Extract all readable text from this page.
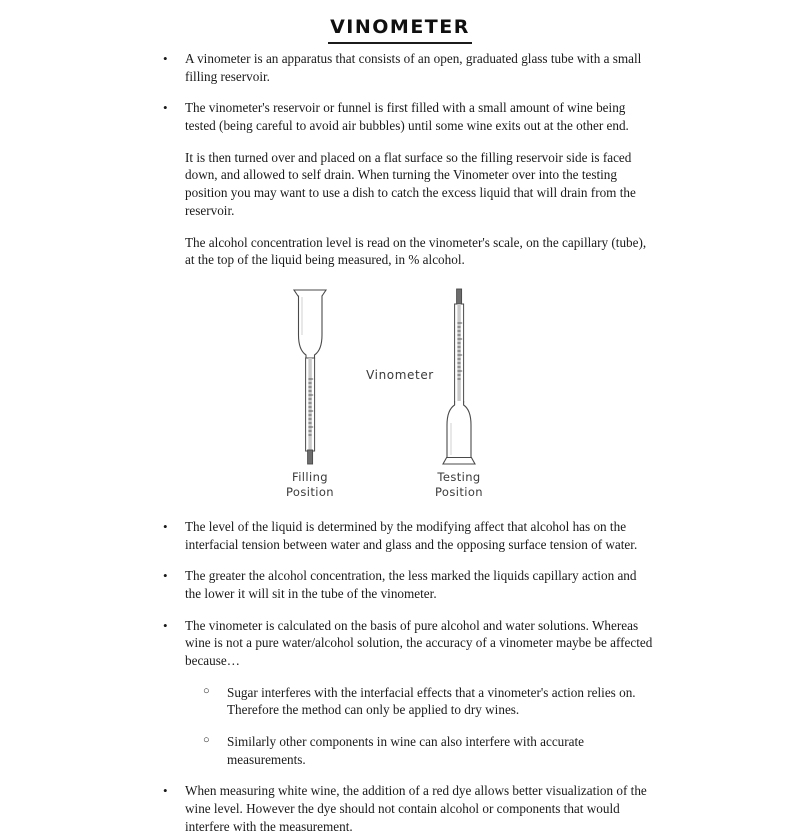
vinometer
• A vinometer is an apparatus that consists of an open, graduated glass tube with a small filling reservoir.
• The vinometer's reservoir or funnel is first filled with a small amount of wine being tested (being careful to avoid air bubbles) until some wine exits out at the other end.

It is then turned over and placed on a flat surface so the filling reservoir side is faced down, and allowed to self drain. When turning the Vinometer over into the testing position you may want to use a dish to catch the excess liquid that will drain from the reservoir.

The alcohol concentration level is read on the vinometer's scale, on the capillary (tube), at the top of the liquid being measured, in % alcohol.

Filling
Position
Vinometer
Testing
Position
• The level of the liquid is determined by the modifying affect that alcohol has on the interfacial tension between water and glass and the opposing surface tension of water.
• The greater the alcohol concentration, the less marked the liquids capillary action and the lower it will sit in the tube of the vinometer.
• The vinometer is calculated on the basis of pure alcohol and water solutions. Whereas wine is not a pure water/alcohol solution, the accuracy of a vinometer maybe be affected because…
○ Sugar interferes with the interfacial effects that a vinometer's action relies on. Therefore the method can only be applied to dry wines.
○ Similarly other components in wine can also interfere with accurate measurements.
• When measuring white wine, the addition of a red dye allows better visualization of the wine level. However the dye should not contain alcohol or components that would interfere with the measurement.
